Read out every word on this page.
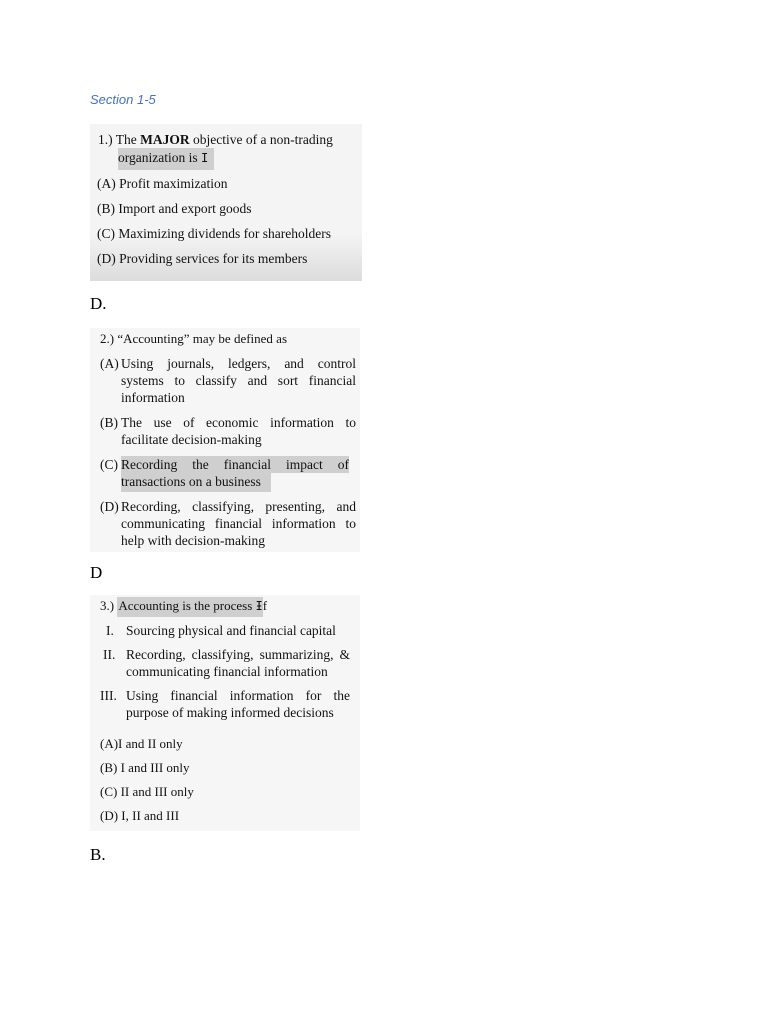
Section 1-5
1.) The MAJOR objective of a non-trading
organization is I
(A) Profit maximization
(B) Import and export goods
(C) Maximizing dividends for shareholders
(D) Providing services for its members
D.
2.) “Accounting” may be defined as
(A) Using journals, ledgers, and control
systems to classify and sort financial
information
(B) The use of economic information to
facilitate decision-making
(C) Recording the financial impact of
transactions on a business
(D) Recording, classifying, presenting, and
communicating financial information to
help with decision-making
D
3.) Accounting is the process Ɨf
I. Sourcing physical and financial capital
II. Recording, classifying, summarizing, &
communicating financial information
III. Using financial information for the
purpose of making informed decisions
(A)I and II only
(B) I and III only
(C) II and III only
(D) I, II and III
B.
